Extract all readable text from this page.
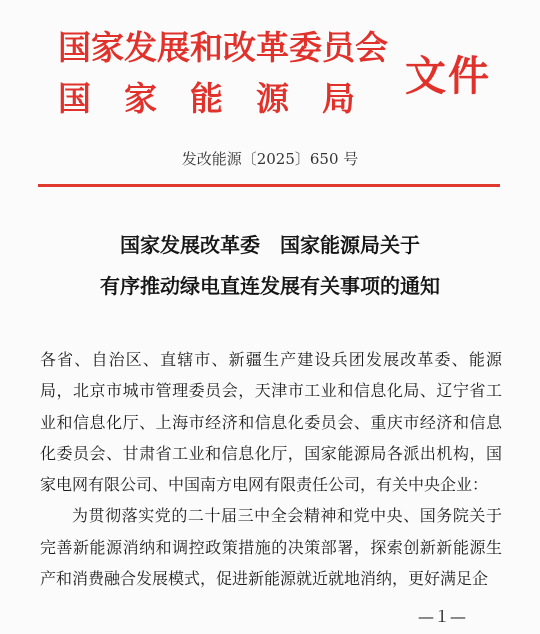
国家发展和改革委员会
国家能源局 文件
发改能源〔2025〕650 号
国家发展改革委　国家能源局关于
有序推动绿电直连发展有关事项的通知

各省、自治区、直辖市、新疆生产建设兵团发展改革委、能源局，北京市城市管理委员会，天津市工业和信息化局、辽宁省工业和信息化厅、上海市经济和信息化委员会、重庆市经济和信息化委员会、甘肃省工业和信息化厅，国家能源局各派出机构，国家电网有限公司、中国南方电网有限责任公司，有关中央企业：

为贯彻落实党的二十届三中全会精神和党中央、国务院关于完善新能源消纳和调控政策措施的决策部署，探索创新新能源生产和消费融合发展模式，促进新能源就近就地消纳，更好满足企

—１—
